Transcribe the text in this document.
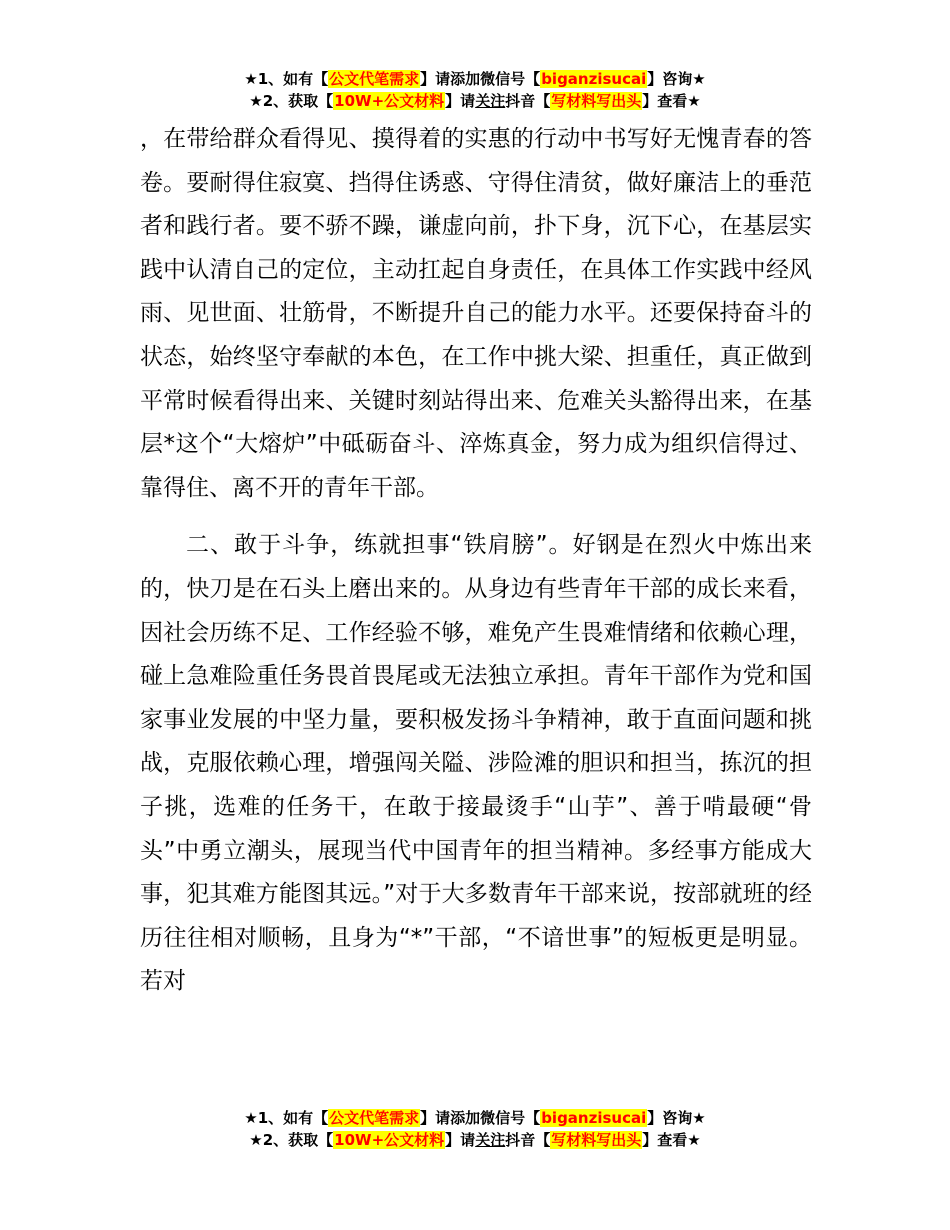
★1、如有【公文代笔需求】请添加微信号【biganzisucai】咨询★
★2、获取【10W+公文材料】请关注抖音【写材料写出头】查看★

，在带给群众看得见、摸得着的实惠的行动中书写好无愧青春的答卷。要耐得住寂寞、挡得住诱惑、守得住清贫，做好廉洁上的垂范者和践行者。要不骄不躁，谦虚向前，扑下身，沉下心，在基层实践中认清自己的定位，主动扛起自身责任，在具体工作实践中经风雨、见世面、壮筋骨，不断提升自己的能力水平。还要保持奋斗的状态，始终坚守奉献的本色，在工作中挑大梁、担重任，真正做到平常时候看得出来、关键时刻站得出来、危难关头豁得出来，在基层*这个“大熔炉”中砥砺奋斗、淬炼真金，努力成为组织信得过、靠得住、离不开的青年干部。

二、敢于斗争，练就担事“铁肩膀”。好钢是在烈火中炼出来的，快刀是在石头上磨出来的。从身边有些青年干部的成长来看，因社会历练不足、工作经验不够，难免产生畏难情绪和依赖心理，碰上急难险重任务畏首畏尾或无法独立承担。青年干部作为党和国家事业发展的中坚力量，要积极发扬斗争精神，敢于直面问题和挑战，克服依赖心理，增强闯关隘、涉险滩的胆识和担当，拣沉的担子挑，选难的任务干，在敢于接最烫手“山芋”、善于啃最硬“骨头”中勇立潮头，展现当代中国青年的担当精神。多经事方能成大事，犯其难方能图其远。”对于大多数青年干部来说，按部就班的经历往往相对顺畅，且身为“*”干部，“不谙世事”的短板更是明显。若对

★1、如有【公文代笔需求】请添加微信号【biganzisucai】咨询★
★2、获取【10W+公文材料】请关注抖音【写材料写出头】查看★
